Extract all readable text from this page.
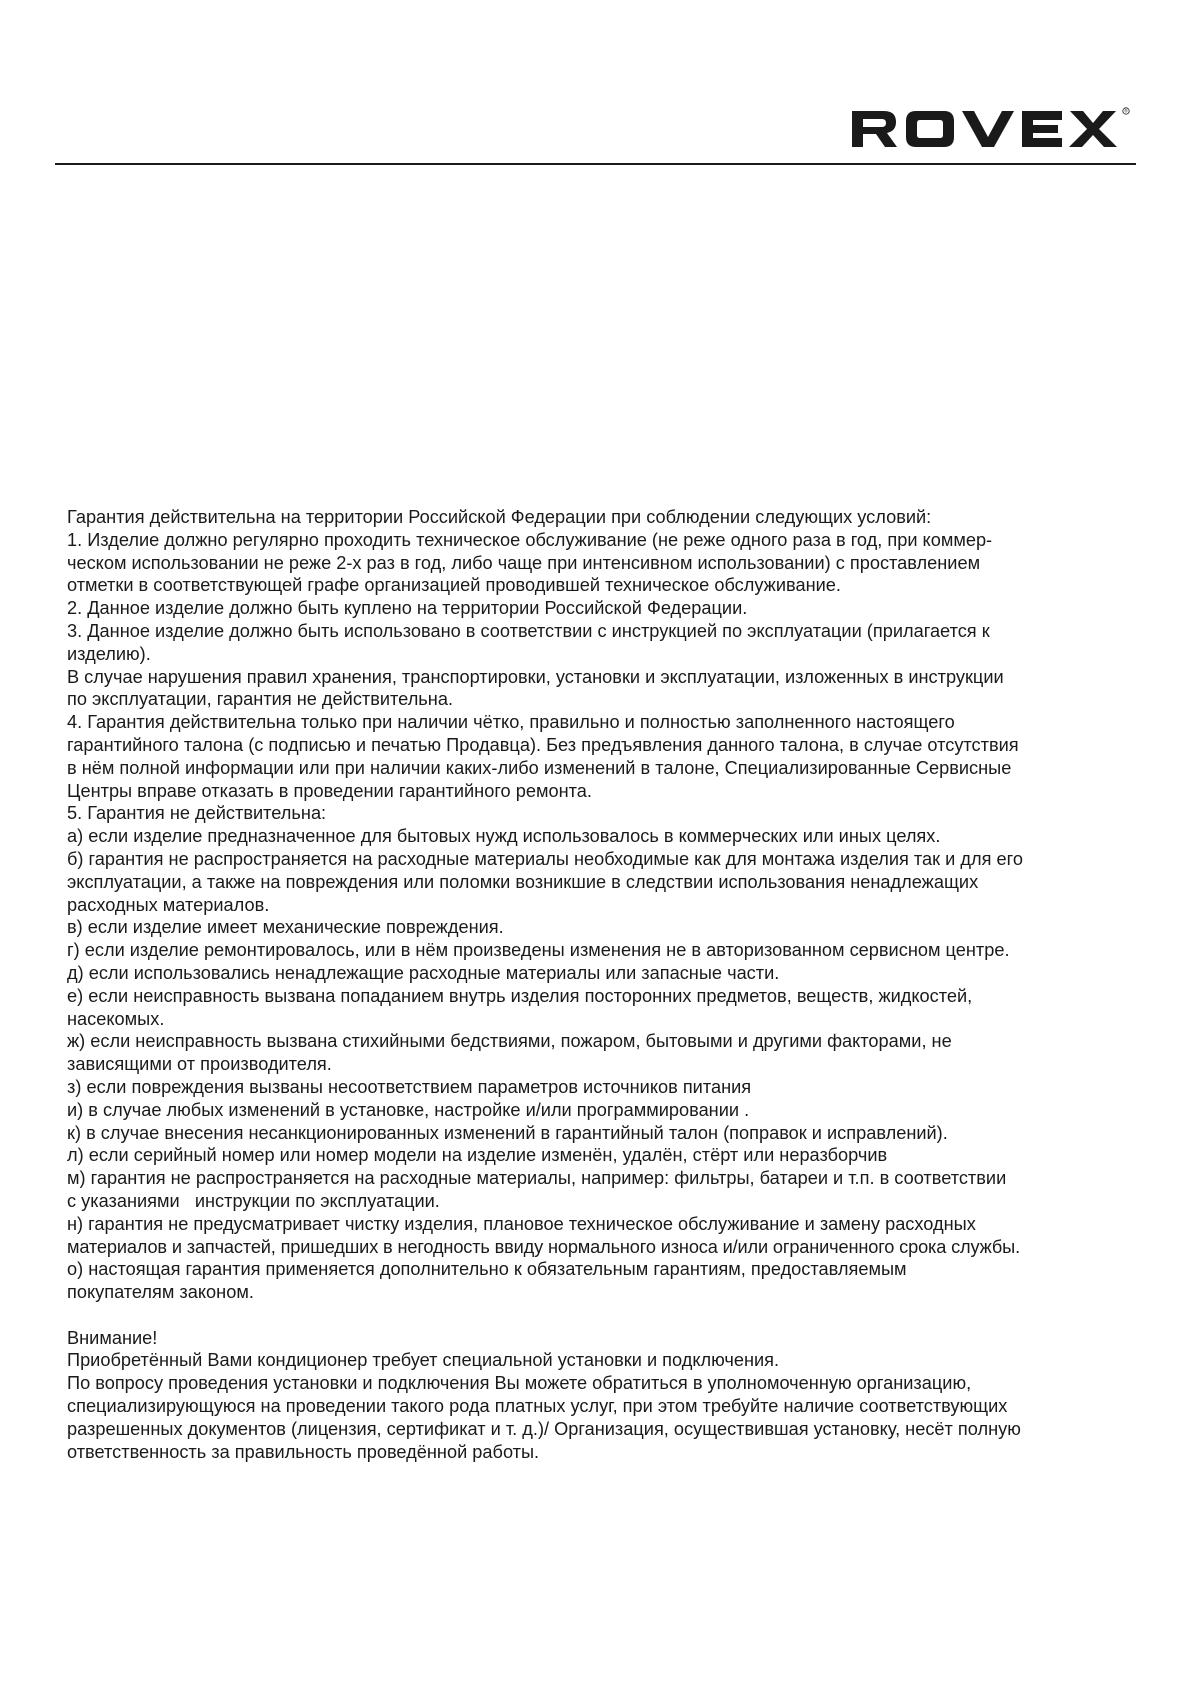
®
Гарантия действительна на территории Российской Федерации при соблюдении следующих условий:
1. Изделие должно регулярно проходить техническое обслуживание (не реже одного раза в год, при коммер-
ческом использовании не реже 2-х раз в год, либо чаще при интенсивном использовании) с проставлением
отметки в соответствующей графе организацией проводившей техническое обслуживание.
2. Данное изделие должно быть куплено на территории Российской Федерации.
3. Данное изделие должно быть использовано в соответствии с инструкцией по эксплуатации (прилагается к
изделию).
В случае нарушения правил хранения, транспортировки, установки и эксплуатации, изложенных в инструкции
по эксплуатации, гарантия не действительна.
4. Гарантия действительна только при наличии чётко, правильно и полностью заполненного настоящего
гарантийного талона (с подписью и печатью Продавца). Без предъявления данного талона, в случае отсутствия
в нём полной информации или при наличии каких-либо изменений в талоне, Специализированные Сервисные
Центры вправе отказать в проведении гарантийного ремонта.
5. Гарантия не действительна:
а) если изделие предназначенное для бытовых нужд использовалось в коммерческих или иных целях.
б) гарантия не распространяется на расходные материалы необходимые как для монтажа изделия так и для его
эксплуатации, а также на повреждения или поломки возникшие в следствии использования ненадлежащих
расходных материалов.
в) если изделие имеет механические повреждения.
г) если изделие ремонтировалось, или в нём произведены изменения не в авторизованном сервисном центре.
д) если использовались ненадлежащие расходные материалы или запасные части.
е) если неисправность вызвана попаданием внутрь изделия посторонних предметов, веществ, жидкостей,
насекомых.
ж) если неисправность вызвана стихийными бедствиями, пожаром, бытовыми и другими факторами, не
зависящими от производителя.
з) если повреждения вызваны несоответствием параметров источников питания
и) в случае любых изменений в установке, настройке и/или программировании .
к) в случае внесения несанкционированных изменений в гарантийный талон (поправок и исправлений).
л) если серийный номер или номер модели на изделие изменён, удалён, стёрт или неразборчив
м) гарантия не распространяется на расходные материалы, например: фильтры, батареи и т.п. в соответствии
с указаниями   инструкции по эксплуатации.
н) гарантия не предусматривает чистку изделия, плановое техническое обслуживание и замену расходных
материалов и запчастей, пришедших в негодность ввиду нормального износа и/или ограниченного срока службы.
о) настоящая гарантия применяется дополнительно к обязательным гарантиям, предоставляемым
покупателям законом.
Внимание!
Приобретённый Вами кондиционер требует специальной установки и подключения.
По вопросу проведения установки и подключения Вы можете обратиться в уполномоченную организацию,
специализирующуюся на проведении такого рода платных услуг, при этом требуйте наличие соответствующих
разрешенных документов (лицензия, сертификат и т. д.)/ Организация, осуществившая установку, несёт полную
ответственность за правильность проведённой работы.
